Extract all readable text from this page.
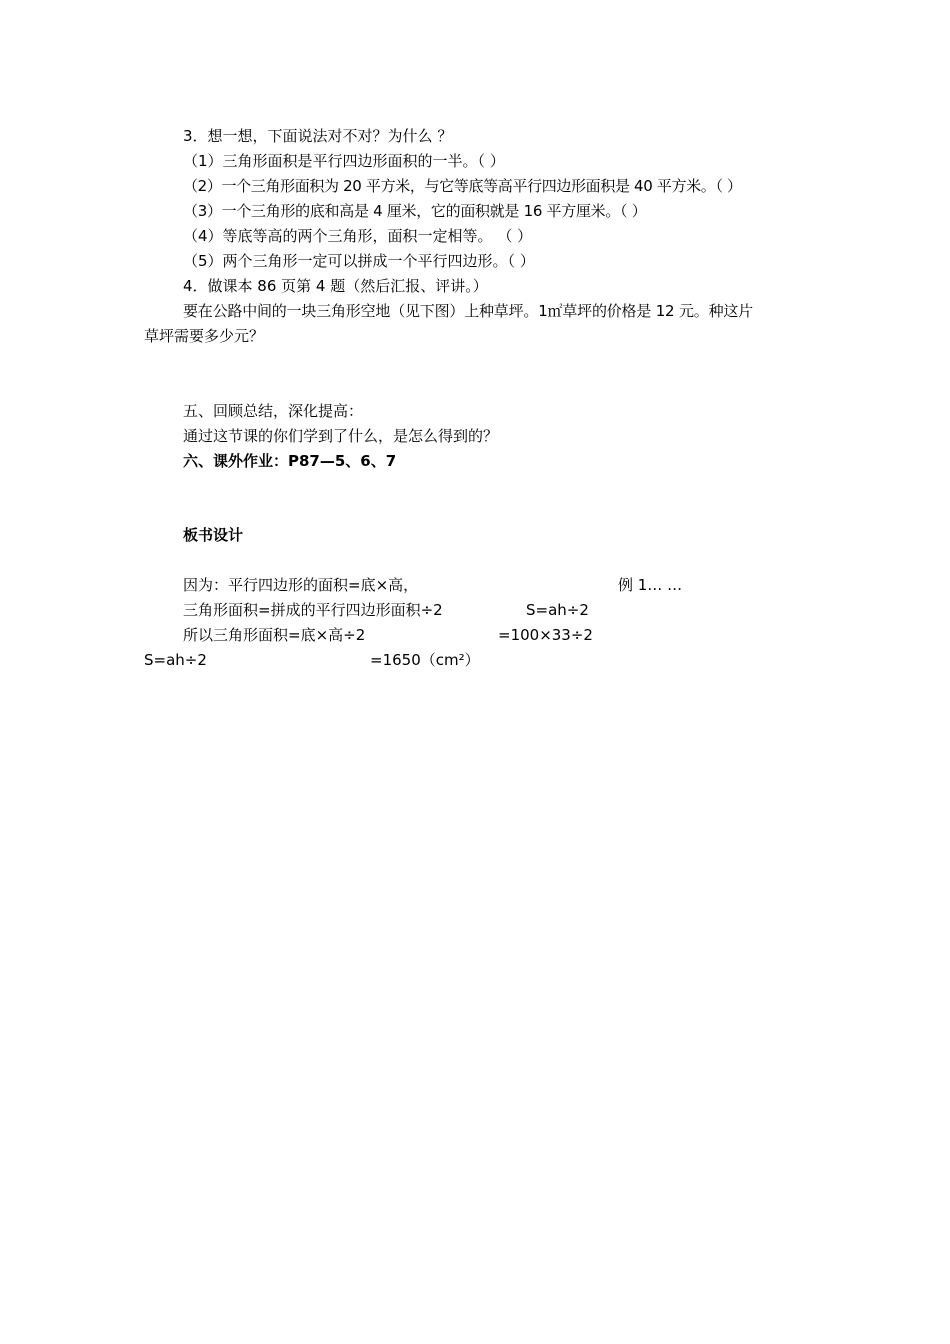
3．想一想，下面说法对不对？为什么 ？
（1）三角形面积是平行四边形面积的一半。（ ）
（2）一个三角形面积为 20 平方米，与它等底等高平行四边形面积是 40 平方米。（ ）
（3）一个三角形的底和高是 4 厘米，它的面积就是 16 平方厘米。（ ）
（4）等底等高的两个三角形，面积一定相等。 （ ）
（5）两个三角形一定可以拼成一个平行四边形。（ ）
4．做课本 86 页第 4 题（然后汇报、评讲。）
要在公路中间的一块三角形空地（见下图）上种草坪。1㎡草坪的价格是 12 元。种这片
草坪需要多少元？
五、回顾总结，深化提高：
通过这节课的你们学到了什么，是怎么得到的？
六、课外作业：P87—5、6、7
板书设计
因为：平行四边形的面积=底×高，	例 1… …
三角形面积=拼成的平行四边形面积÷2	S=ah÷2
所以三角形面积=底×高÷2	=100×33÷2
S=ah÷2	=1650（cm²）
